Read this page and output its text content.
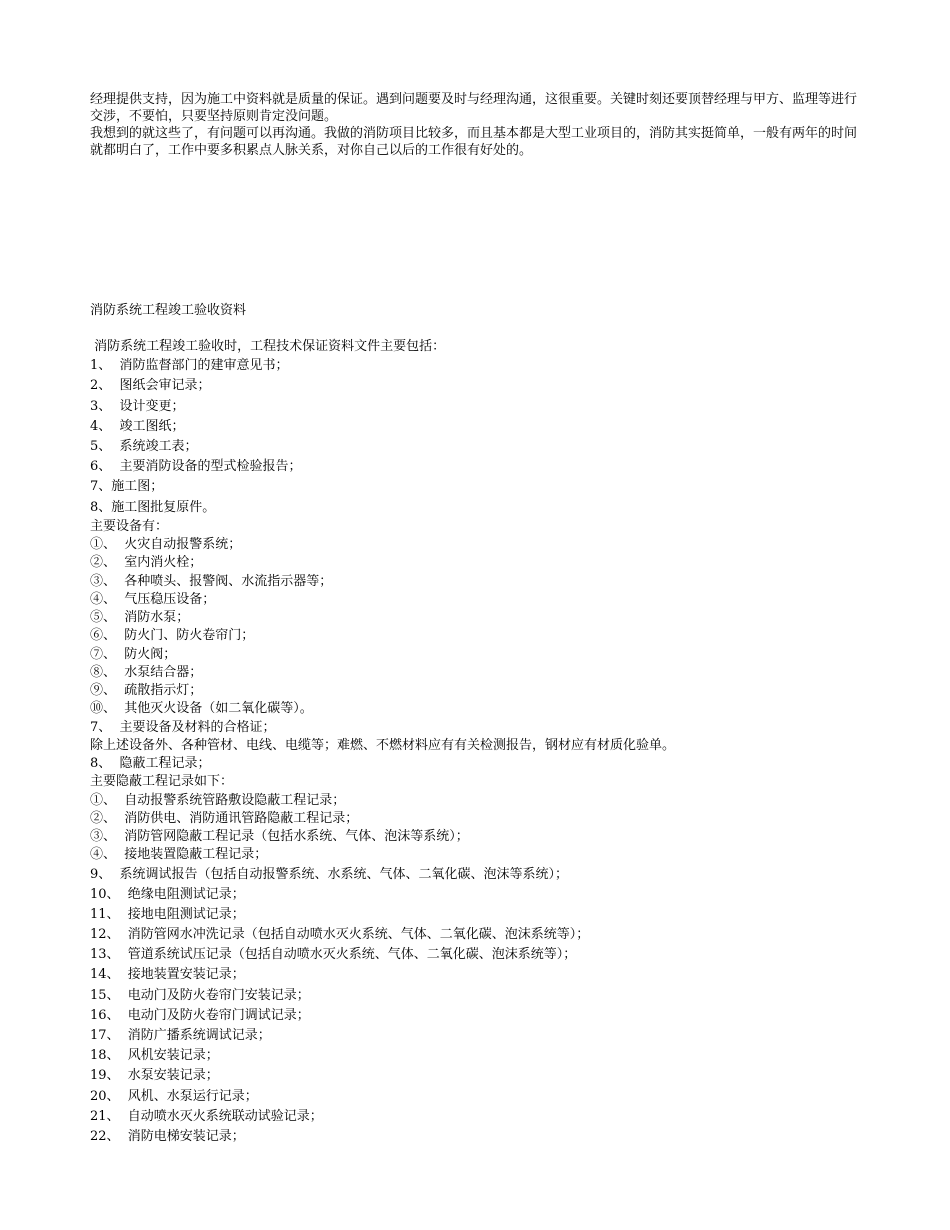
经理提供支持，因为施工中资料就是质量的保证。遇到问题要及时与经理沟通，这很重要。关键时刻还要顶替经理与甲方、监理等进行交涉，不要怕，只要坚持原则肯定没问题。

我想到的就这些了，有问题可以再沟通。我做的消防项目比较多，而且基本都是大型工业项目的，消防其实挺简单，一般有两年的时间就都明白了，工作中要多积累点人脉关系，对你自己以后的工作很有好处的。

消防系统工程竣工验收资料
消防系统工程竣工验收时，工程技术保证资料文件主要包括：
1、  消防监督部门的建审意见书；
2、  图纸会审记录；
3、  设计变更；
4、  竣工图纸；
5、  系统竣工表；
6、  主要消防设备的型式检验报告；
7、施工图；
8、施工图批复原件。
主要设备有：
①、  火灾自动报警系统；
②、  室内消火栓；
③、  各种喷头、报警阀、水流指示器等；
④、  气压稳压设备；
⑤、  消防水泵；
⑥、  防火门、防火卷帘门；
⑦、  防火阀；
⑧、  水泵结合器；
⑨、  疏散指示灯；
⑩、  其他灭火设备（如二氧化碳等）。
7、  主要设备及材料的合格证；
除上述设备外、各种管材、电线、电缆等；难燃、不燃材料应有有关检测报告，钢材应有材质化验单。
8、  隐蔽工程记录；
主要隐蔽工程记录如下：
①、  自动报警系统管路敷设隐蔽工程记录；
②、  消防供电、消防通讯管路隐蔽工程记录；
③、  消防管网隐蔽工程记录（包括水系统、气体、泡沫等系统）；
④、  接地装置隐蔽工程记录；
9、  系统调试报告（包括自动报警系统、水系统、气体、二氧化碳、泡沫等系统）；
10、  绝缘电阻测试记录；
11、  接地电阻测试记录；
12、  消防管网水冲洗记录（包括自动喷水灭火系统、气体、二氧化碳、泡沫系统等）；
13、  管道系统试压记录（包括自动喷水灭火系统、气体、二氧化碳、泡沫系统等）；
14、  接地装置安装记录；
15、  电动门及防火卷帘门安装记录；
16、  电动门及防火卷帘门调试记录；
17、  消防广播系统调试记录；
18、  风机安装记录；
19、  水泵安装记录；
20、  风机、水泵运行记录；
21、  自动喷水灭火系统联动试验记录；
22、  消防电梯安装记录；
